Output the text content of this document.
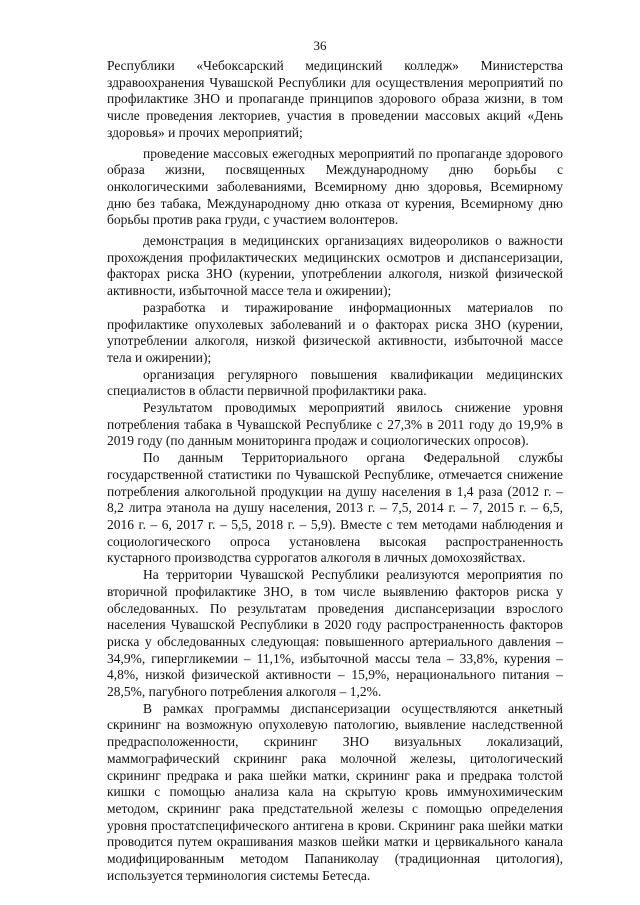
36

Республики «Чебоксарский медицинский колледж» Министерства здравоохранения Чувашской Республики для осуществления мероприятий по профилактике ЗНО и пропаганде принципов здорового образа жизни, в том числе проведения лекториев, участия в проведении массовых акций «День здоровья» и прочих мероприятий;

проведение массовых ежегодных мероприятий по пропаганде здорового образа жизни, посвященных Международному дню борьбы с онкологическими заболеваниями, Всемирному дню здоровья, Всемирному дню без табака, Международному дню отказа от курения, Всемирному дню борьбы против рака груди, с участием волонтеров.

демонстрация в медицинских организациях видеороликов о важности прохождения профилактических медицинских осмотров и диспансеризации, факторах риска ЗНО (курении, употреблении алкоголя, низкой физической активности, избыточной массе тела и ожирении);

разработка и тиражирование информационных материалов по профилактике опухолевых заболеваний и о факторах риска ЗНО (курении, употреблении алкоголя, низкой физической активности, избыточной массе тела и ожирении);

организация регулярного повышения квалификации медицинских специалистов в области первичной профилактики рака.

Результатом проводимых мероприятий явилось снижение уровня потребления табака в Чувашской Республике с 27,3% в 2011 году до 19,9% в 2019 году (по данным мониторинга продаж и социологических опросов).

По данным Территориального органа Федеральной службы государственной статистики по Чувашской Республике, отмечается снижение потребления алкогольной продукции на душу населения в 1,4 раза (2012 г. – 8,2 литра этанола на душу населения, 2013 г. – 7,5, 2014 г. – 7, 2015 г. – 6,5, 2016 г. – 6, 2017 г. – 5,5, 2018 г. – 5,9). Вместе с тем методами наблюдения и социологического опроса установлена высокая распространенность кустарного производства суррогатов алкоголя в личных домохозяйствах.

На территории Чувашской Республики реализуются мероприятия по вторичной профилактике ЗНО, в том числе выявлению факторов риска у обследованных. По результатам проведения диспансеризации взрослого населения Чувашской Республики в 2020 году распространенность факторов риска у обследованных следующая: повышенного артериального давления – 34,9%, гипергликемии – 11,1%, избыточной массы тела – 33,8%, курения – 4,8%, низкой физической активности – 15,9%, нерационального питания – 28,5%, пагубного потребления алкоголя – 1,2%.

В рамках программы диспансеризации осуществляются анкетный скрининг на возможную опухолевую патологию, выявление наследственной предрасположенности, скрининг ЗНО визуальных локализаций, маммографический скрининг рака молочной железы, цитологический скрининг предрака и рака шейки матки, скрининг рака и предрака толстой кишки с помощью анализа кала на скрытую кровь иммунохимическим методом, скрининг рака предстательной железы с помощью определения уровня простатспецифического антигена в крови. Скрининг рака шейки матки проводится путем окрашивания мазков шейки матки и цервикального канала модифицированным методом Папаниколау (традиционная цитология), используется терминология системы Бетесда.
